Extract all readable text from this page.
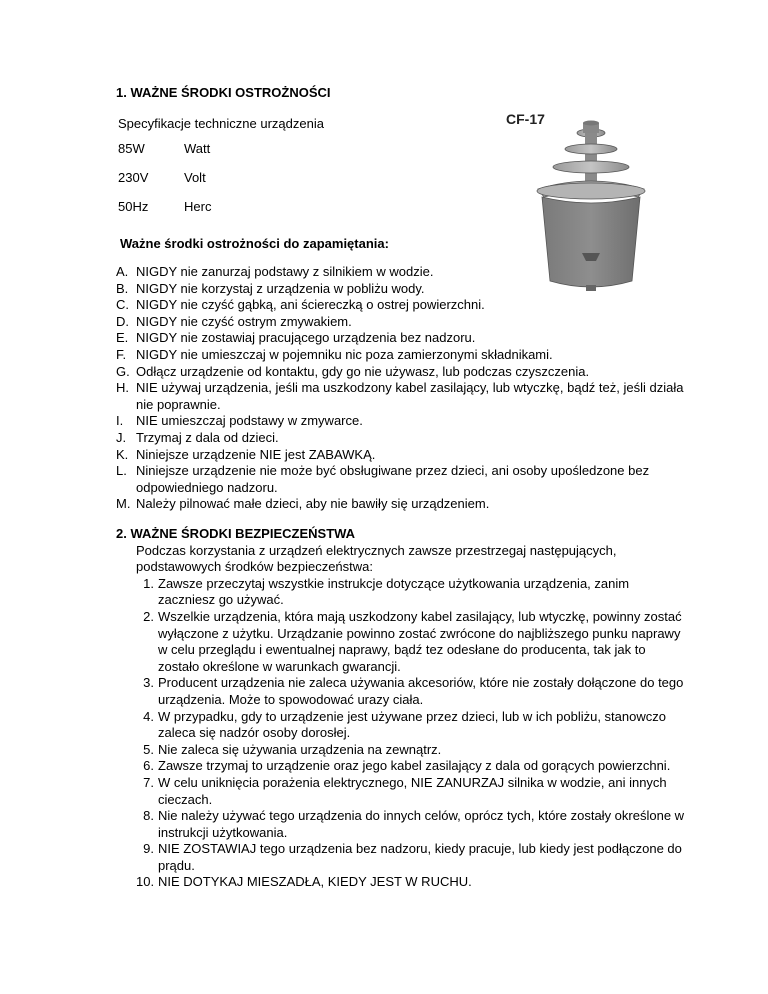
1. WAŻNE ŚRODKI OSTROŻNOŚCI
Specyfikacje techniczne urządzenia
85W	Watt
230V	Volt
50Hz	Herc
Ważne środki ostrożności do zapamiętania:
A. NIGDY nie zanurzaj podstawy z silnikiem w wodzie.
B. NIGDY nie korzystaj z urządzenia w pobliżu wody.
C. NIGDY nie czyść gąbką, ani ściereczką o ostrej powierzchni.
D. NIGDY nie czyść ostrym zmywakiem.
E. NIGDY nie zostawiaj pracującego urządzenia bez nadzoru.
F. NIGDY nie umieszczaj w pojemniku nic poza zamierzonymi składnikami.
G. Odłącz urządzenie od kontaktu, gdy go nie używasz, lub podczas czyszczenia.
H. NIE używaj urządzenia, jeśli ma uszkodzony kabel zasilający, lub wtyczkę, bądź też, jeśli działa nie poprawnie.
I. NIE umieszczaj podstawy w zmywarce.
J. Trzymaj z dala od dzieci.
K. Niniejsze urządzenie NIE jest ZABAWKĄ.
L. Niniejsze urządzenie nie może być obsługiwane przez dzieci, ani osoby upośledzone bez odpowiedniego nadzoru.
M. Należy pilnować małe dzieci, aby nie bawiły się urządzeniem.
CF-17
2. WAŻNE ŚRODKI BEZPIECZEŃSTWA
Podczas korzystania z urządzeń elektrycznych zawsze przestrzegaj następujących, podstawowych środków bezpieczeństwa:
1. Zawsze przeczytaj wszystkie instrukcje dotyczące użytkowania urządzenia, zanim zaczniesz go używać.
2. Wszelkie urządzenia, która mają uszkodzony kabel zasilający, lub wtyczkę, powinny zostać wyłączone z użytku. Urządzanie powinno zostać zwrócone do najbliższego punku naprawy w celu przeglądu i ewentualnej naprawy, bądź tez odesłane do producenta, tak jak to zostało określone w warunkach gwarancji.
3. Producent urządzenia nie zaleca używania akcesoriów, które nie zostały dołączone do tego urządzenia. Może to spowodować urazy ciała.
4. W przypadku, gdy to urządzenie jest używane przez dzieci, lub w ich pobliżu, stanowczo zaleca się nadzór osoby dorosłej.
5. Nie zaleca się używania urządzenia na zewnątrz.
6. Zawsze trzymaj to urządzenie oraz jego kabel zasilający z dala od gorących powierzchni.
7. W celu uniknięcia porażenia elektrycznego, NIE ZANURZAJ silnika w wodzie, ani innych cieczach.
8. Nie należy używać tego urządzenia do innych celów, oprócz tych, które zostały określone w instrukcji użytkowania.
9. NIE ZOSTAWIAJ tego urządzenia bez nadzoru, kiedy pracuje, lub kiedy jest podłączone do prądu.
10. NIE DOTYKAJ MIESZADŁA, KIEDY JEST W RUCHU.
